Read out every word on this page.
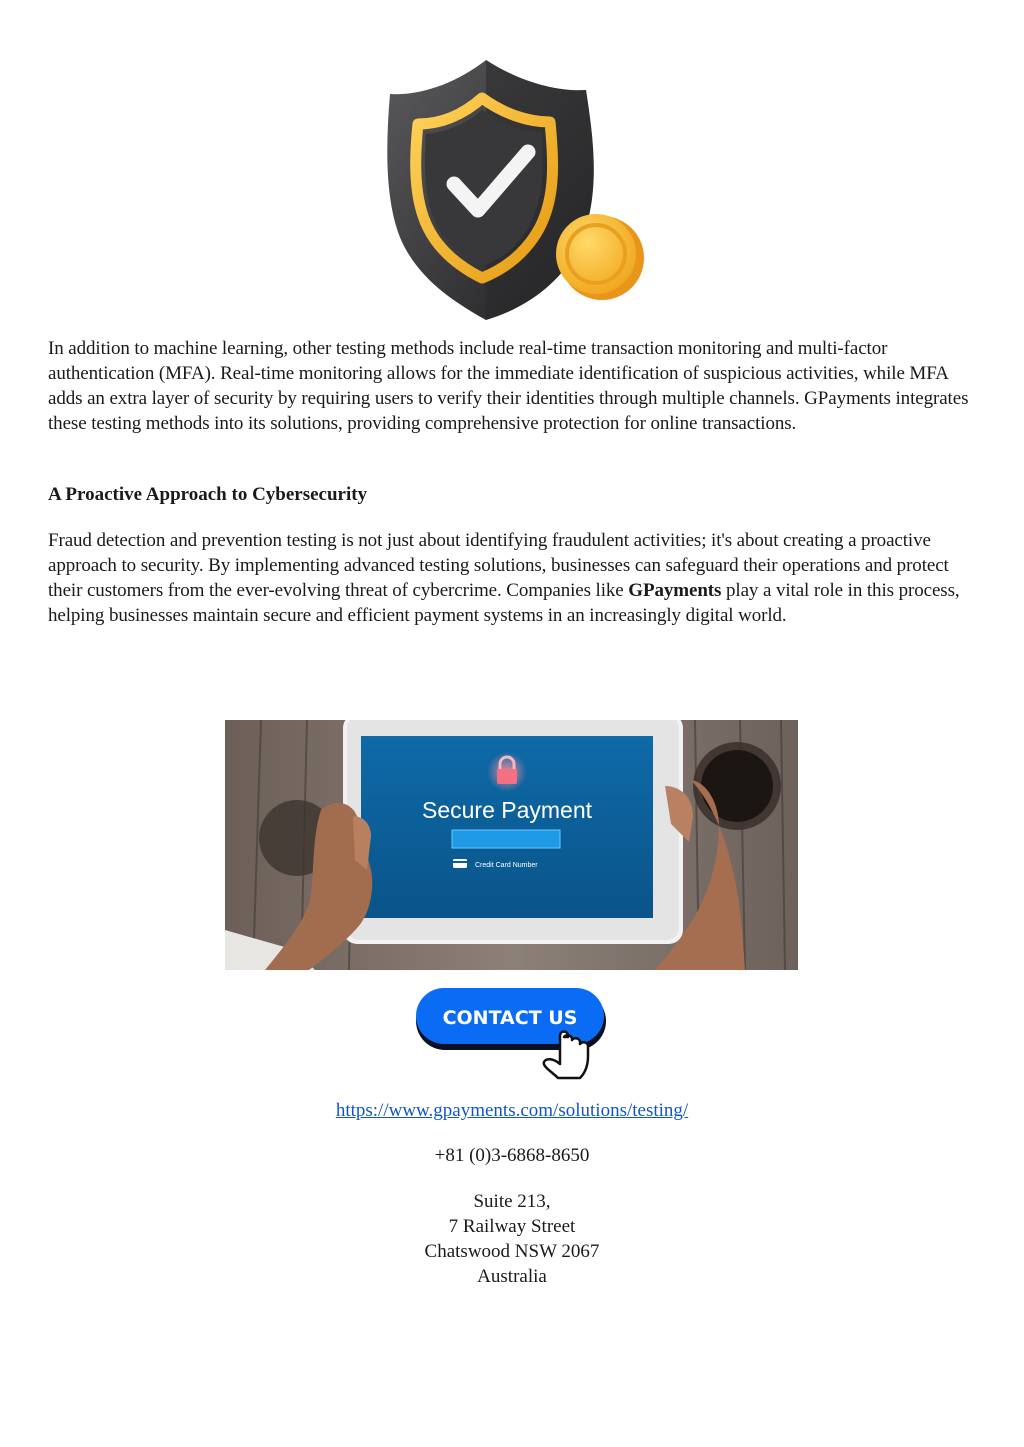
In addition to machine learning, other testing methods include real-time transaction monitoring and multi-factor authentication (MFA). Real-time monitoring allows for the immediate identification of suspicious activities, while MFA adds an extra layer of security by requiring users to verify their identities through multiple channels. GPayments integrates these testing methods into its solutions, providing comprehensive protection for online transactions.

A Proactive Approach to Cybersecurity

Fraud detection and prevention testing is not just about identifying fraudulent activities; it's about creating a proactive approach to security. By implementing advanced testing solutions, businesses can safeguard their operations and protect their customers from the ever-evolving threat of cybercrime. Companies like GPayments play a vital role in this process, helping businesses maintain secure and efficient payment systems in an increasingly digital world.

Secure Payment
Credit Card Number
CONTACT US
https://www.gpayments.com/solutions/testing/
+81 (0)3-6868-8650
Suite 213,
7 Railway Street
Chatswood NSW 2067
Australia
